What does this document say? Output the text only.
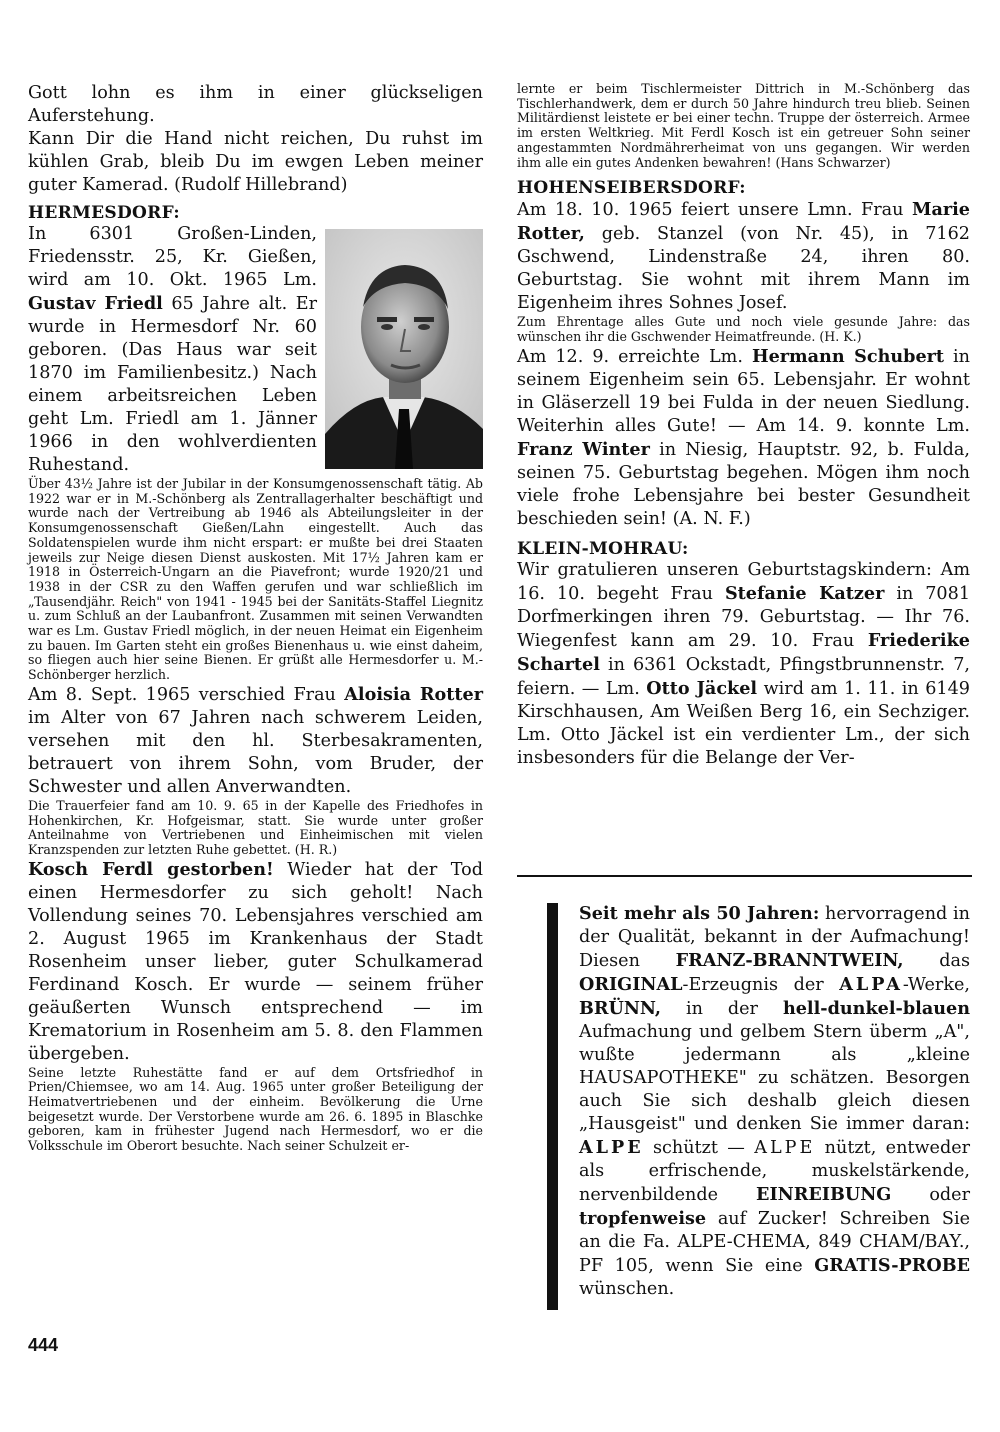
Gott lohn es ihm in einer glückseligen Auferstehung.

Kann Dir die Hand nicht reichen, Du ruhst im kühlen Grab, bleib Du im ewgen Leben meiner guter Kamerad. (Rudolf Hillebrand)

HERMESDORF:

In 6301 Großen-Linden, Friedensstr. 25, Kr. Gießen, wird am 10. Okt. 1965 Lm. Gustav Friedl 65 Jahre alt. Er wurde in Hermesdorf Nr. 60 geboren. (Das Haus war seit 1870 im Familienbesitz.) Nach einem arbeitsreichen Leben geht Lm. Friedl am 1. Jänner 1966 in den wohlverdienten Ruhestand.

Über 43½ Jahre ist der Jubilar in der Konsumgenossenschaft tätig. Ab 1922 war er in M.-Schönberg als Zentrallagerhalter beschäftigt und wurde nach der Vertreibung ab 1946 als Abteilungsleiter in der Konsumgenossenschaft Gießen/Lahn eingestellt. Auch das Soldatenspielen wurde ihm nicht erspart: er mußte bei drei Staaten jeweils zur Neige diesen Dienst auskosten. Mit 17½ Jahren kam er 1918 in Österreich-Ungarn an die Piavefront; wurde 1920/21 und 1938 in der CSR zu den Waffen gerufen und war schließlich im „Tausendjähr. Reich" von 1941 - 1945 bei der Sanitäts-Staffel Liegnitz u. zum Schluß an der Laubanfront. Zusammen mit seinen Verwandten war es Lm. Gustav Friedl möglich, in der neuen Heimat ein Eigenheim zu bauen. Im Garten steht ein großes Bienenhaus u. wie einst daheim, so fliegen auch hier seine Bienen. Er grüßt alle Hermesdorfer u. M.-Schönberger herzlich.

Am 8. Sept. 1965 verschied Frau Aloisia Rotter im Alter von 67 Jahren nach schwerem Leiden, versehen mit den hl. Sterbesakramenten, betrauert von ihrem Sohn, vom Bruder, der Schwester und allen Anverwandten.

Die Trauerfeier fand am 10. 9. 65 in der Kapelle des Friedhofes in Hohenkirchen, Kr. Hofgeismar, statt. Sie wurde unter großer Anteilnahme von Vertriebenen und Einheimischen mit vielen Kranzspenden zur letzten Ruhe gebettet. (H. R.)

Kosch Ferdl gestorben! Wieder hat der Tod einen Hermesdorfer zu sich geholt! Nach Vollendung seines 70. Lebensjahres verschied am 2. August 1965 im Krankenhaus der Stadt Rosenheim unser lieber, guter Schulkamerad Ferdinand Kosch. Er wurde — seinem früher geäußerten Wunsch entsprechend — im Krematorium in Rosenheim am 5. 8. den Flammen übergeben.

Seine letzte Ruhestätte fand er auf dem Ortsfriedhof in Prien/Chiemsee, wo am 14. Aug. 1965 unter großer Beteiligung der Heimatvertriebenen und der einheim. Bevölkerung die Urne beigesetzt wurde. Der Verstorbene wurde am 26. 6. 1895 in Blaschke geboren, kam in frühester Jugend nach Hermesdorf, wo er die Volksschule im Oberort besuchte. Nach seiner Schulzeit er-

lernte er beim Tischlermeister Dittrich in M.-Schönberg das Tischlerhandwerk, dem er durch 50 Jahre hindurch treu blieb. Seinen Militärdienst leistete er bei einer techn. Truppe der österreich. Armee im ersten Weltkrieg. Mit Ferdl Kosch ist ein getreuer Sohn seiner angestammten Nordmährerheimat von uns gegangen. Wir werden ihm alle ein gutes Andenken bewahren! (Hans Schwarzer)

HOHENSEIBERSDORF:

Am 18. 10. 1965 feiert unsere Lmn. Frau Marie Rotter, geb. Stanzel (von Nr. 45), in 7162 Gschwend, Lindenstraße 24, ihren 80. Geburtstag. Sie wohnt mit ihrem Mann im Eigenheim ihres Sohnes Josef.

Zum Ehrentage alles Gute und noch viele gesunde Jahre: das wünschen ihr die Gschwender Heimatfreunde. (H. K.)

Am 12. 9. erreichte Lm. Hermann Schubert in seinem Eigenheim sein 65. Lebensjahr. Er wohnt in Gläserzell 19 bei Fulda in der neuen Siedlung. Weiterhin alles Gute! — Am 14. 9. konnte Lm. Franz Winter in Niesig, Hauptstr. 92, b. Fulda, seinen 75. Geburtstag begehen. Mögen ihm noch viele frohe Lebensjahre bei bester Gesundheit beschieden sein! (A. N. F.)

KLEIN-MOHRAU:

Wir gratulieren unseren Geburtstagskindern: Am 16. 10. begeht Frau Stefanie Katzer in 7081 Dorfmerkingen ihren 79. Geburtstag. — Ihr 76. Wiegenfest kann am 29. 10. Frau Friederike Schartel in 6361 Ockstadt, Pfingstbrunnenstr. 7, feiern. — Lm. Otto Jäckel wird am 1. 11. in 6149 Kirschhausen, Am Weißen Berg 16, ein Sechziger. Lm. Otto Jäckel ist ein verdienter Lm., der sich insbesonders für die Belange der Ver-

Seit mehr als 50 Jahren: hervorragend in der Qualität, bekannt in der Aufmachung! Diesen FRANZ-BRANNTWEIN, das ORIGINAL-Erzeugnis der ALPA-Werke, BRÜNN, in der hell-dunkel-blauen Aufmachung und gelbem Stern überm „A", wußte jedermann als „kleine HAUSAPOTHEKE" zu schätzen. Besorgen auch Sie sich deshalb gleich diesen „Hausgeist" und denken Sie immer daran: ALPE schützt — ALPE nützt, entweder als erfrischende, muskelstärkende, nervenbildende EINREIBUNG oder tropfenweise auf Zucker! Schreiben Sie an die Fa. ALPE-CHEMA, 849 CHAM/BAY., PF 105, wenn Sie eine GRATIS-PROBE wünschen.
444
